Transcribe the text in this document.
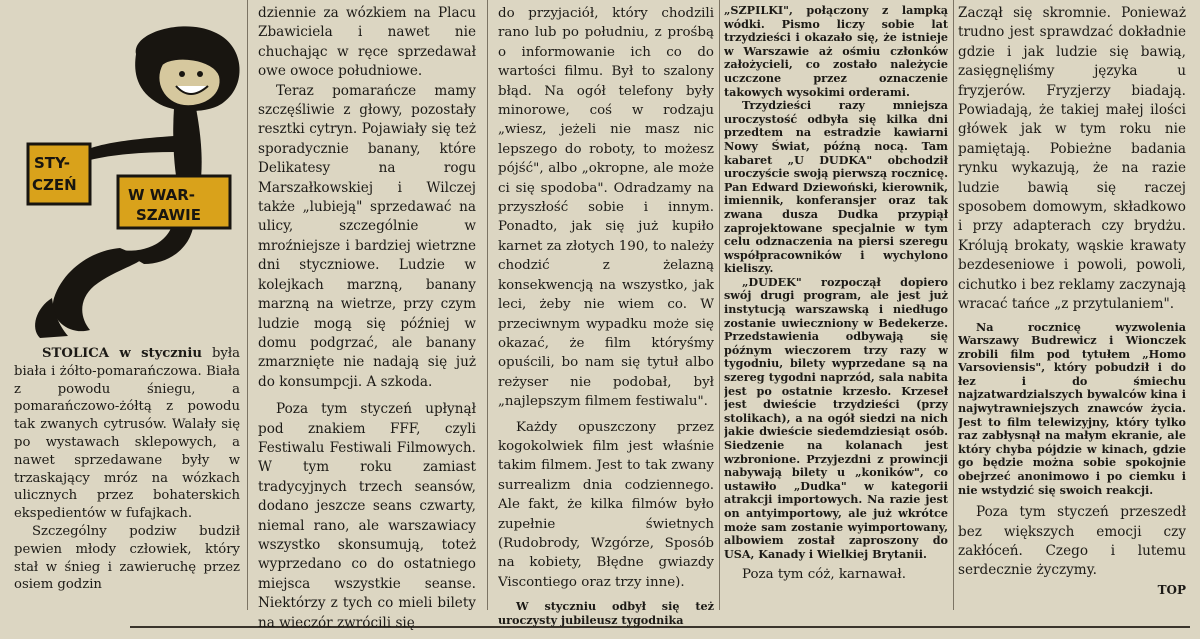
STY-
CZEŃ
W WAR-
SZAWIE

STOLICA w styczniu była biała i żółto-pomarańczowa. Biała z powodu śniegu, a pomarańczowo-żółtą z powodu tak zwanych cytrusów. Walały się po wystawach sklepowych, a nawet sprzedawane były w trzaskający mróz na wózkach ulicznych przez bohaterskich ekspedientów w fufajkach.

Szczególny podziw budził pewien młody człowiek, który stał w śnieg i zawieruchę przez osiem godzin

dziennie za wózkiem na Placu Zbawiciela i nawet nie chuchając w ręce sprzedawał owe owoce południowe.

Teraz pomarańcze mamy szczęśliwie z głowy, pozostały resztki cytryn. Pojawiały się też sporadycznie banany, które Delikatesy na rogu Marszałkowskiej i Wilczej także „lubieją" sprzedawać na ulicy, szczególnie w mroźniejsze i bardziej wietrzne dni styczniowe. Ludzie w kolejkach marzną, banany marzną na wietrze, przy czym ludzie mogą się później w domu podgrzać, ale banany zmarznięte nie nadają się już do konsumpcji. A szkoda.

Poza tym styczeń upłynął pod znakiem FFF, czyli Festiwalu Festiwali Filmowych. W tym roku zamiast tradycyjnych trzech seansów, dodano jeszcze seans czwarty, niemal rano, ale warszawiacy wszystko skonsumują, toteż wyprzedano co do ostatniego miejsca wszystkie seanse. Niektórzy z tych co mieli bilety na wieczór zwrócili się

do przyjaciół, który chodzili rano lub po południu, z prośbą o informowanie ich co do wartości filmu. Był to szalony błąd. Na ogół telefony były minorowe, coś w rodzaju „wiesz, jeżeli nie masz nic lepszego do roboty, to możesz pójść", albo „okropne, ale może ci się spodoba". Odradzamy na przyszłość sobie i innym. Ponadto, jak się już kupiło karnet za złotych 190, to należy chodzić z żelazną konsekwencją na wszystko, jak leci, żeby nie wiem co. W przeciwnym wypadku może się okazać, że film któryśmy opuścili, bo nam się tytuł albo reżyser nie podobał, był „najlepszym filmem festiwalu".

Każdy opuszczony przez kogokolwiek film jest właśnie takim filmem. Jest to tak zwany surrealizm dnia codziennego. Ale fakt, że kilka filmów było zupełnie świetnych (Rudobrody, Wzgórze, Sposób na kobiety, Błędne gwiazdy Viscontiego oraz trzy inne).

W styczniu odbył się też uroczysty jubileusz tygodnika

„SZPILKI", połączony z lampką wódki. Pismo liczy sobie lat trzydzieści i okazało się, że istnieje w Warszawie aż ośmiu członków założycieli, co zostało należycie uczczone przez oznaczenie takowych wysokimi orderami.

Trzydzieści razy mniejsza uroczystość odbyła się kilka dni przedtem na estradzie kawiarni Nowy Świat, późną nocą. Tam kabaret „U DUDKA" obchodził uroczyście swoją pierwszą rocznicę. Pan Edward Dziewoński, kierownik, imiennik, konferansjer oraz tak zwana dusza Dudka przypiął zaprojektowane specjalnie w tym celu odznaczenia na piersi szeregu współpracowników i wychylono kieliszy.

„DUDEK" rozpoczął dopiero swój drugi program, ale jest już instytucją warszawską i niedługo zostanie uwieczniony w Bedekerze. Przedstawienia odbywają się późnym wieczorem trzy razy w tygodniu, bilety wyprzedane są na szereg tygodni naprzód, sala nabita jest po ostatnie krzesło. Krzeseł jest dwieście trzydzieści (przy stolikach), a na ogół siedzi na nich jakie dwieście siedemdziesiąt osób. Siedzenie na kolanach jest wzbronione. Przyjezdni z prowincji nabywają bilety u „koników", co ustawiło „Dudka" w kategorii atrakcji importowych. Na razie jest on antyimportowy, ale już wkrótce może sam zostanie wyimportowany, albowiem został zaproszony do USA, Kanady i Wielkiej Brytanii.

Poza tym cóż, karnawał.

Zaczął się skromnie. Ponieważ trudno jest sprawdzać dokładnie gdzie i jak ludzie się bawią, zasięgnęliśmy języka u fryzjerów. Fryzjerzy biadają. Powiadają, że takiej małej ilości główek jak w tym roku nie pamiętają. Pobieżne badania rynku wykazują, że na razie ludzie bawią się raczej sposobem domowym, składkowo i przy adapterach czy brydżu. Królują brokaty, wąskie krawaty bezdeseniowe i powoli, powoli, cichutko i bez reklamy zaczynają wracać tańce „z przytulaniem".

Na rocznicę wyzwolenia Warszawy Budrewicz i Wionczek zrobili film pod tytułem „Homo Varsoviensis", który pobudził i do łez i do śmiechu najzatwardzialszych bywalców kina i najwytrawniejszych znawców życia. Jest to film telewizyjny, który tylko raz zabłysnął na małym ekranie, ale który chyba pójdzie w kinach, gdzie go będzie można sobie spokojnie obejrzeć anonimowo i po ciemku i nie wstydzić się swoich reakcji.

Poza tym styczeń przeszedł bez większych emocji czy zakłóceń. Czego i lutemu serdecznie życzymy.

TOP
